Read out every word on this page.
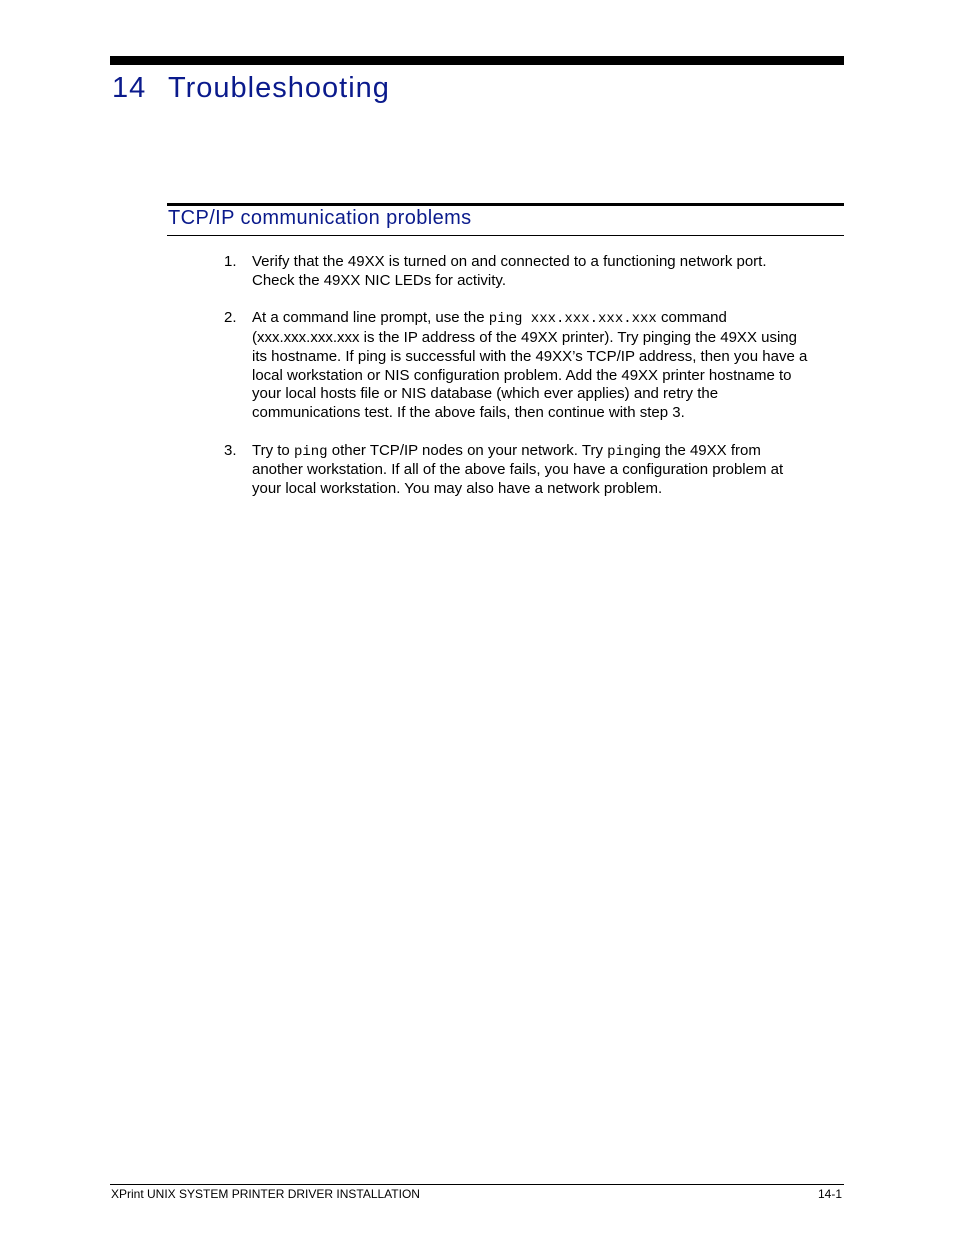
14 Troubleshooting
TCP/IP communication problems
1. Verify that the 49XX is turned on and connected to a functioning network port.
Check the 49XX NIC LEDs for activity.
2. At a command line prompt, use the ping xxx.xxx.xxx.xxx command
(xxx.xxx.xxx.xxx is the IP address of the 49XX printer). Try pinging the 49XX using
its hostname. If ping is successful with the 49XX’s TCP/IP address, then you have a
local workstation or NIS configuration problem. Add the 49XX printer hostname to
your local hosts file or NIS database (which ever applies) and retry the
communications test. If the above fails, then continue with step 3.
3. Try to ping other TCP/IP nodes on your network. Try pinging the 49XX from
another workstation. If all of the above fails, you have a configuration problem at
your local workstation. You may also have a network problem.
XPrint UNIX SYSTEM PRINTER DRIVER INSTALLATION	14-1
